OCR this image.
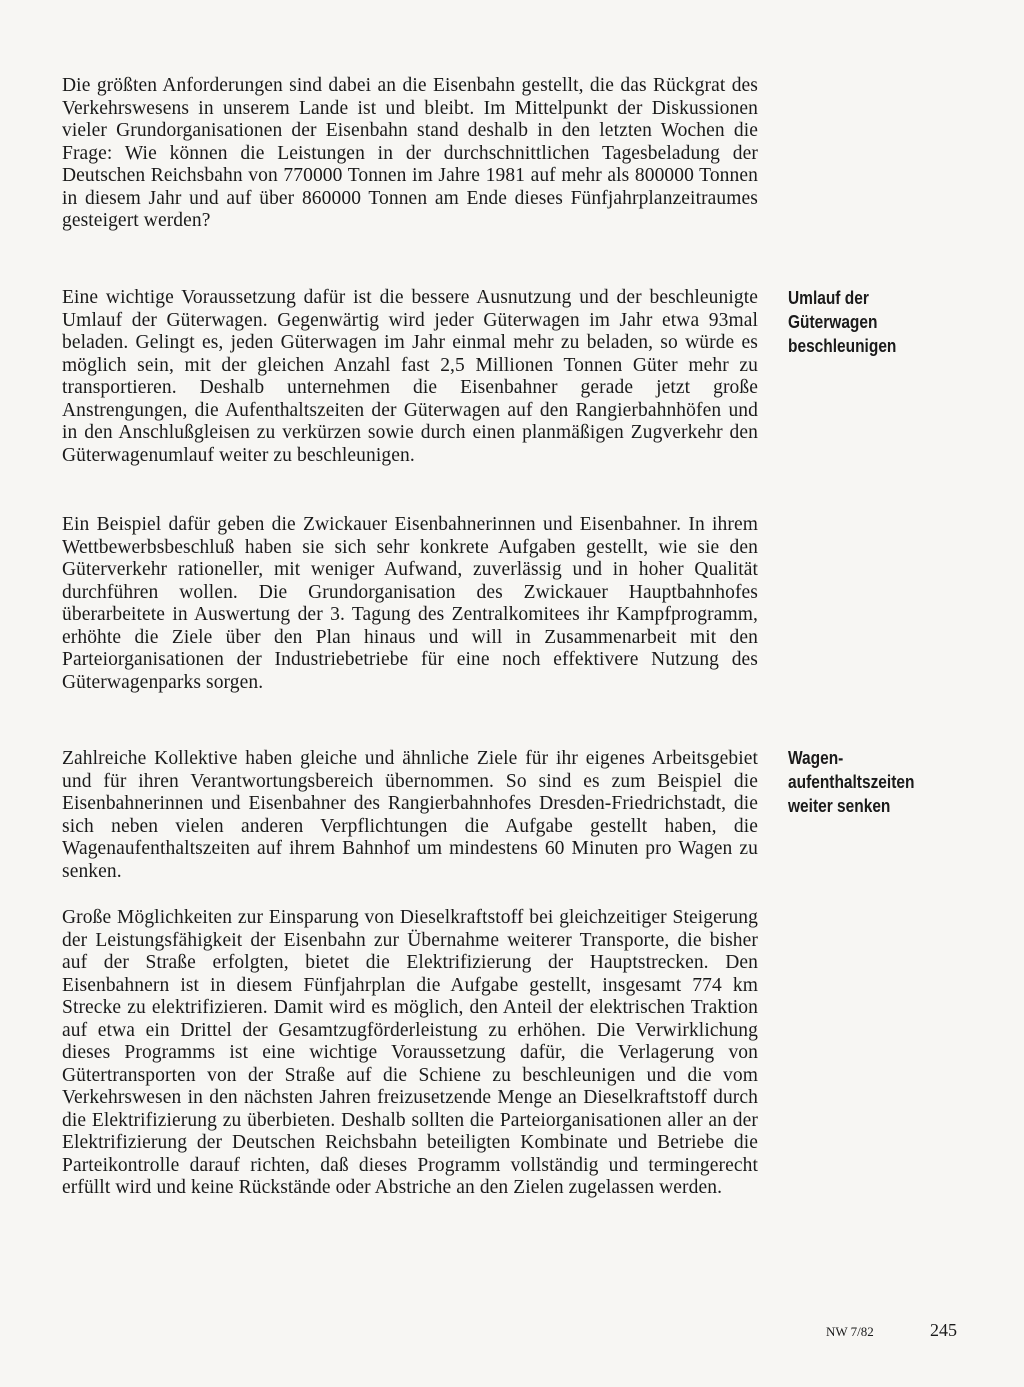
Die größten Anforderungen sind dabei an die Eisenbahn gestellt, die das Rückgrat des Verkehrswesens in unserem Lande ist und bleibt. Im Mittelpunkt der Diskussionen vieler Grundorganisationen der Eisenbahn stand deshalb in den letzten Wochen die Frage: Wie können die Leistungen in der durchschnittlichen Tagesbeladung der Deutschen Reichsbahn von 770000 Tonnen im Jahre 1981 auf mehr als 800000 Tonnen in diesem Jahr und auf über 860000 Tonnen am Ende dieses Fünfjahrplanzeitraumes gesteigert werden?

Eine wichtige Voraussetzung dafür ist die bessere Ausnutzung und der beschleunigte Umlauf der Güterwagen. Gegenwärtig wird jeder Güterwagen im Jahr etwa 93mal beladen. Gelingt es, jeden Güterwagen im Jahr einmal mehr zu beladen, so würde es möglich sein, mit der gleichen Anzahl fast 2,5 Millionen Tonnen Güter mehr zu transportieren. Deshalb unternehmen die Eisenbahner gerade jetzt große Anstrengungen, die Aufenthaltszeiten der Güterwagen auf den Rangierbahnhöfen und in den Anschlußgleisen zu verkürzen sowie durch einen planmäßigen Zugverkehr den Güterwagenumlauf weiter zu beschleunigen.

Ein Beispiel dafür geben die Zwickauer Eisenbahnerinnen und Eisenbahner. In ihrem Wettbewerbsbeschluß haben sie sich sehr konkrete Aufgaben gestellt, wie sie den Güterverkehr rationeller, mit weniger Aufwand, zuverlässig und in hoher Qualität durchführen wollen. Die Grundorganisation des Zwickauer Hauptbahnhofes überarbeitete in Auswertung der 3. Tagung des Zentralkomitees ihr Kampfprogramm, erhöhte die Ziele über den Plan hinaus und will in Zusammenarbeit mit den Parteiorganisationen der Industriebetriebe für eine noch effektivere Nutzung des Güterwagenparks sorgen.

Zahlreiche Kollektive haben gleiche und ähnliche Ziele für ihr eigenes Arbeitsgebiet und für ihren Verantwortungsbereich übernommen. So sind es zum Beispiel die Eisenbahnerinnen und Eisenbahner des Rangierbahnhofes Dresden-Friedrichstadt, die sich neben vielen anderen Verpflichtungen die Aufgabe gestellt haben, die Wagenaufenthaltszeiten auf ihrem Bahnhof um mindestens 60 Minuten pro Wagen zu senken.

Große Möglichkeiten zur Einsparung von Dieselkraftstoff bei gleichzeitiger Steigerung der Leistungsfähigkeit der Eisenbahn zur Übernahme weiterer Transporte, die bisher auf der Straße erfolgten, bietet die Elektrifizierung der Hauptstrecken. Den Eisenbahnern ist in diesem Fünfjahrplan die Aufgabe gestellt, insgesamt 774 km Strecke zu elektrifizieren. Damit wird es möglich, den Anteil der elektrischen Traktion auf etwa ein Drittel der Gesamtzugförderleistung zu erhöhen. Die Verwirklichung dieses Programms ist eine wichtige Voraussetzung dafür, die Verlagerung von Gütertransporten von der Straße auf die Schiene zu beschleunigen und die vom Verkehrswesen in den nächsten Jahren freizusetzende Menge an Dieselkraftstoff durch die Elektrifizierung zu überbieten. Deshalb sollten die Parteiorganisationen aller an der Elektrifizierung der Deutschen Reichsbahn beteiligten Kombinate und Betriebe die Parteikontrolle darauf richten, daß dieses Programm vollständig und termingerecht erfüllt wird und keine Rückstände oder Abstriche an den Zielen zugelassen werden.

Umlauf der
Güterwagen
beschleunigen
Wagen-
aufenthaltszeiten
weiter senken
NW 7/82	245
